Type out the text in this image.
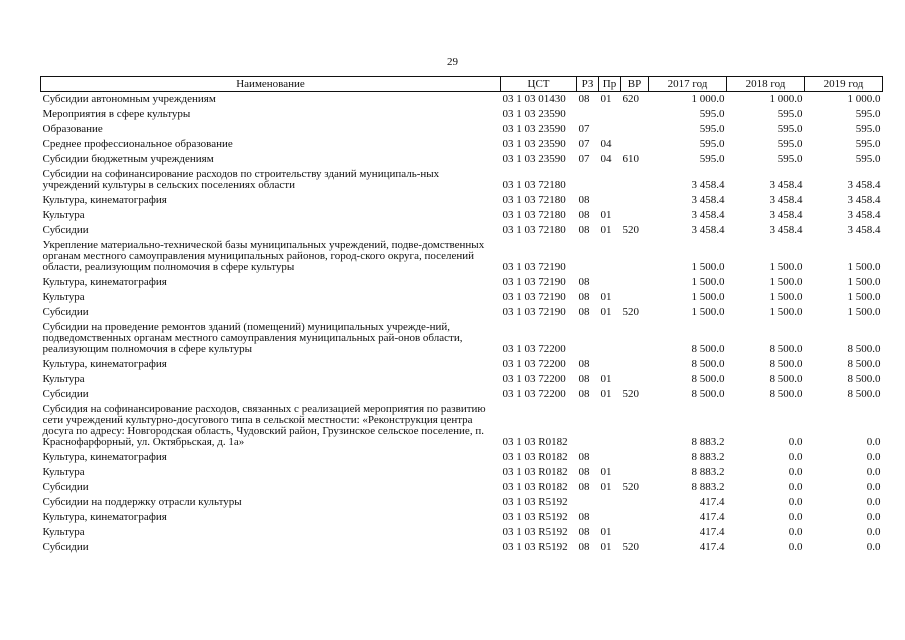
29
Наименование	ЦСТ	РЗ	Пр	ВР	2017 год	2018 год	2019 год
Субсидии автономным учреждениям	03 1 03 01430	08	01	620	1 000.0	1 000.0	1 000.0
Мероприятия в сфере культуры	03 1 03 23590				595.0	595.0	595.0
Образование	03 1 03 23590	07			595.0	595.0	595.0
Среднее профессиональное образование	03 1 03 23590	07	04		595.0	595.0	595.0
Субсидии бюджетным учреждениям	03 1 03 23590	07	04	610	595.0	595.0	595.0
Субсидии на софинансирование расходов по строительству зданий муниципаль-ных учреждений культуры в сельских поселениях области	03 1 03 72180				3 458.4	3 458.4	3 458.4
Культура, кинематография	03 1 03 72180	08			3 458.4	3 458.4	3 458.4
Культура	03 1 03 72180	08	01		3 458.4	3 458.4	3 458.4
Субсидии	03 1 03 72180	08	01	520	3 458.4	3 458.4	3 458.4
Укрепление материально-технической базы муниципальных учреждений, подве-домственных органам местного самоуправления муниципальных районов, город-ского округа, поселений области, реализующим полномочия в сфере культуры	03 1 03 72190				1 500.0	1 500.0	1 500.0
Культура, кинематография	03 1 03 72190	08			1 500.0	1 500.0	1 500.0
Культура	03 1 03 72190	08	01		1 500.0	1 500.0	1 500.0
Субсидии	03 1 03 72190	08	01	520	1 500.0	1 500.0	1 500.0
Субсидии на проведение ремонтов зданий (помещений) муниципальных учрежде-ний, подведомственных органам местного самоуправления муниципальных рай-онов области, реализующим полномочия в сфере культуры	03 1 03 72200				8 500.0	8 500.0	8 500.0
Культура, кинематография	03 1 03 72200	08			8 500.0	8 500.0	8 500.0
Культура	03 1 03 72200	08	01		8 500.0	8 500.0	8 500.0
Субсидии	03 1 03 72200	08	01	520	8 500.0	8 500.0	8 500.0
Субсидия на софинансирование расходов, связанных с реализацией мероприятия по развитию сети учреждений культурно-досугового типа в сельской местности: «Реконструкция центра досуга по адресу: Новгородская область, Чудовский район, Грузинское сельское поселение, п. Краснофарфорный, ул. Октябрьская, д. 1а»	03 1 03 R0182				8 883.2	0.0	0.0
Культура, кинематография	03 1 03 R0182	08			8 883.2	0.0	0.0
Культура	03 1 03 R0182	08	01		8 883.2	0.0	0.0
Субсидии	03 1 03 R0182	08	01	520	8 883.2	0.0	0.0
Субсидии на поддержку отрасли культуры	03 1 03 R5192				417.4	0.0	0.0
Культура, кинематография	03 1 03 R5192	08			417.4	0.0	0.0
Культура	03 1 03 R5192	08	01		417.4	0.0	0.0
Субсидии	03 1 03 R5192	08	01	520	417.4	0.0	0.0
